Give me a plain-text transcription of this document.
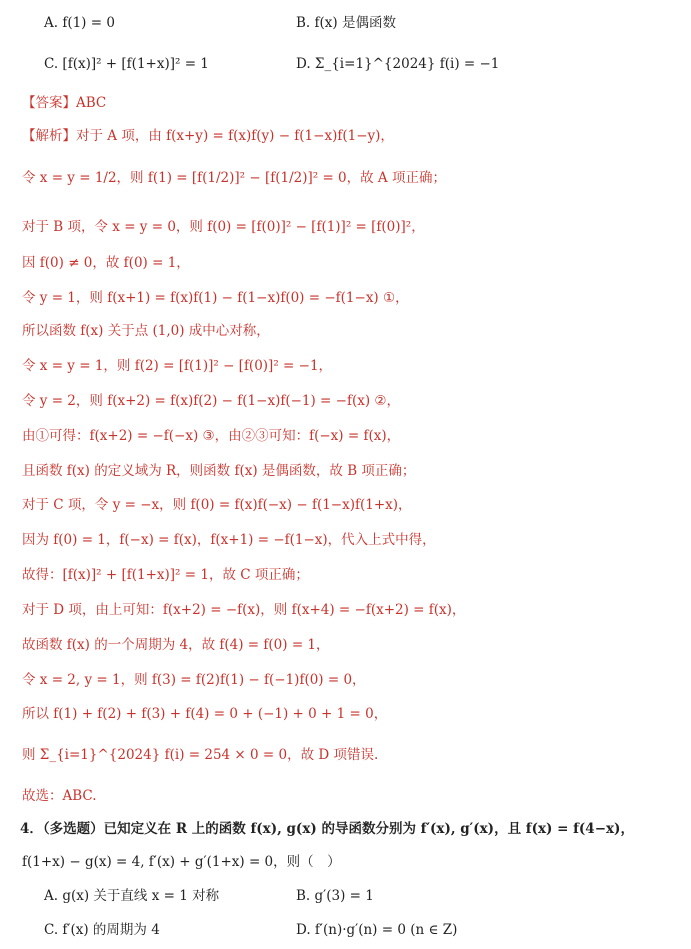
A. f(1) = 0	B. f(x) 是偶函数
C. [f(x)]² + [f(1+x)]² = 1	D. Σ_{i=1}^{2024} f(i) = −1
【答案】ABC
【解析】对于 A 项，由 f(x+y) = f(x)f(y) − f(1−x)f(1−y)，
令 x = y = 1/2，则 f(1) = [f(1/2)]² − [f(1/2)]² = 0，故 A 项正确；
对于 B 项，令 x = y = 0，则 f(0) = [f(0)]² − [f(1)]² = [f(0)]²，
因 f(0) ≠ 0，故 f(0) = 1，
令 y = 1，则 f(x+1) = f(x)f(1) − f(1−x)f(0) = −f(1−x) ①，
所以函数 f(x) 关于点 (1,0) 成中心对称，
令 x = y = 1，则 f(2) = [f(1)]² − [f(0)]² = −1，
令 y = 2，则 f(x+2) = f(x)f(2) − f(1−x)f(−1) = −f(x) ②，
由①可得：f(x+2) = −f(−x) ③，由②③可知：f(−x) = f(x)，
且函数 f(x) 的定义域为 R，则函数 f(x) 是偶函数，故 B 项正确；
对于 C 项，令 y = −x，则 f(0) = f(x)f(−x) − f(1−x)f(1+x)，
因为 f(0) = 1，f(−x) = f(x)，f(x+1) = −f(1−x)，代入上式中得，
故得：[f(x)]² + [f(1+x)]² = 1，故 C 项正确；
对于 D 项，由上可知：f(x+2) = −f(x)，则 f(x+4) = −f(x+2) = f(x)，
故函数 f(x) 的一个周期为 4，故 f(4) = f(0) = 1，
令 x = 2, y = 1，则 f(3) = f(2)f(1) − f(−1)f(0) = 0，
所以 f(1) + f(2) + f(3) + f(4) = 0 + (−1) + 0 + 1 = 0，
则 Σ_{i=1}^{2024} f(i) = 254 × 0 = 0，故 D 项错误.
故选：ABC.
4．（多选题）已知定义在 R 上的函数 f(x), g(x) 的导函数分别为 f′(x), g′(x)，且 f(x) = f(4−x)，
f(1+x) − g(x) = 4, f′(x) + g′(1+x) = 0，则（　）
A. g(x) 关于直线 x = 1 对称	B. g′(3) = 1
C. f′(x) 的周期为 4	D. f′(n)·g′(n) = 0 (n ∈ Z)
